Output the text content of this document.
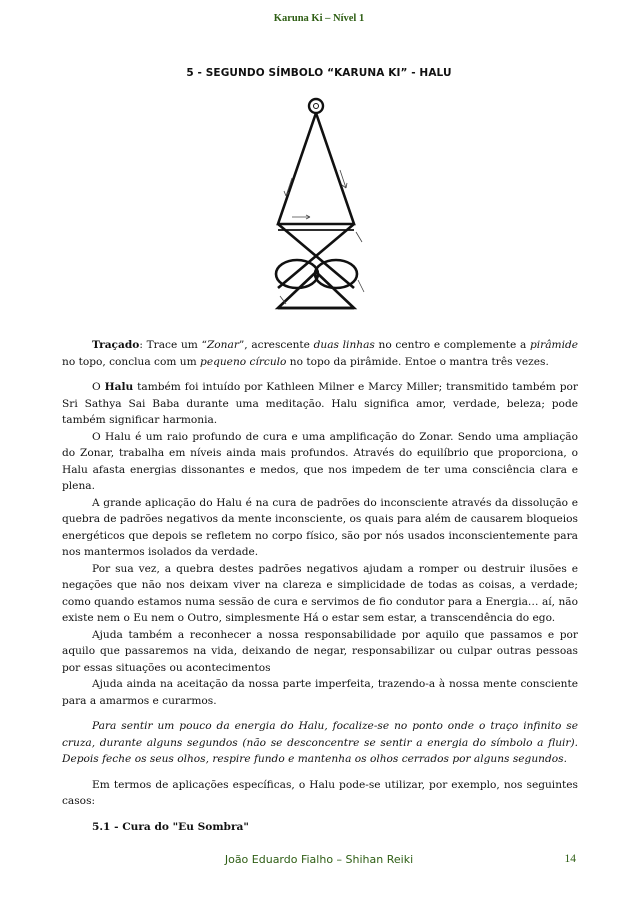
Karuna Ki – Nível 1
5 - SEGUNDO SÍMBOLO “KARUNA KI” - HALU

Traçado: Trace um “Zonar”, acrescente duas linhas no centro e complemente a pirâmide no topo, conclua com um pequeno círculo no topo da pirâmide. Entoe o mantra três vezes.

O Halu também foi intuído por Kathleen Milner e Marcy Miller; transmitido também por Sri Sathya Sai Baba durante uma meditação. Halu significa amor, verdade, beleza; pode também significar harmonia.

O Halu é um raio profundo de cura e uma amplificação do Zonar. Sendo uma ampliação do Zonar, trabalha em níveis ainda mais profundos. Através do equilíbrio que proporciona, o Halu afasta energias dissonantes e medos, que nos impedem de ter uma consciência clara e plena.

A grande aplicação do Halu é na cura de padrões do inconsciente através da dissolução e quebra de padrões negativos da mente inconsciente, os quais para além de causarem bloqueios energéticos que depois se refletem no corpo físico, são por nós usados inconscientemente para nos mantermos isolados da verdade.

Por sua vez, a quebra destes padrões negativos ajudam a romper ou destruir ilusões e negações que não nos deixam viver na clareza e simplicidade de todas as coisas, a verdade; como quando estamos numa sessão de cura e servimos de fio condutor para a Energia… aí, não existe nem o Eu nem o Outro, simplesmente Há o estar sem estar, a transcendência do ego.

Ajuda também a reconhecer a nossa responsabilidade por aquilo que passamos e por aquilo que passaremos na vida, deixando de negar, responsabilizar ou culpar outras pessoas por essas situações ou acontecimentos

Ajuda ainda na aceitação da nossa parte imperfeita, trazendo-a à nossa mente consciente para a amarmos e curarmos.

Para sentir um pouco da energia do Halu, focalize-se no ponto onde o traço infinito se cruza, durante alguns segundos (não se desconcentre se sentir a energia do símbolo a fluir). Depois feche os seus olhos, respire fundo e mantenha os olhos cerrados por alguns segundos.

Em termos de aplicações específicas, o Halu pode-se utilizar, por exemplo, nos seguintes casos:

5.1 - Cura do "Eu Sombra"

João Eduardo Fialho – Shihan Reiki	14
